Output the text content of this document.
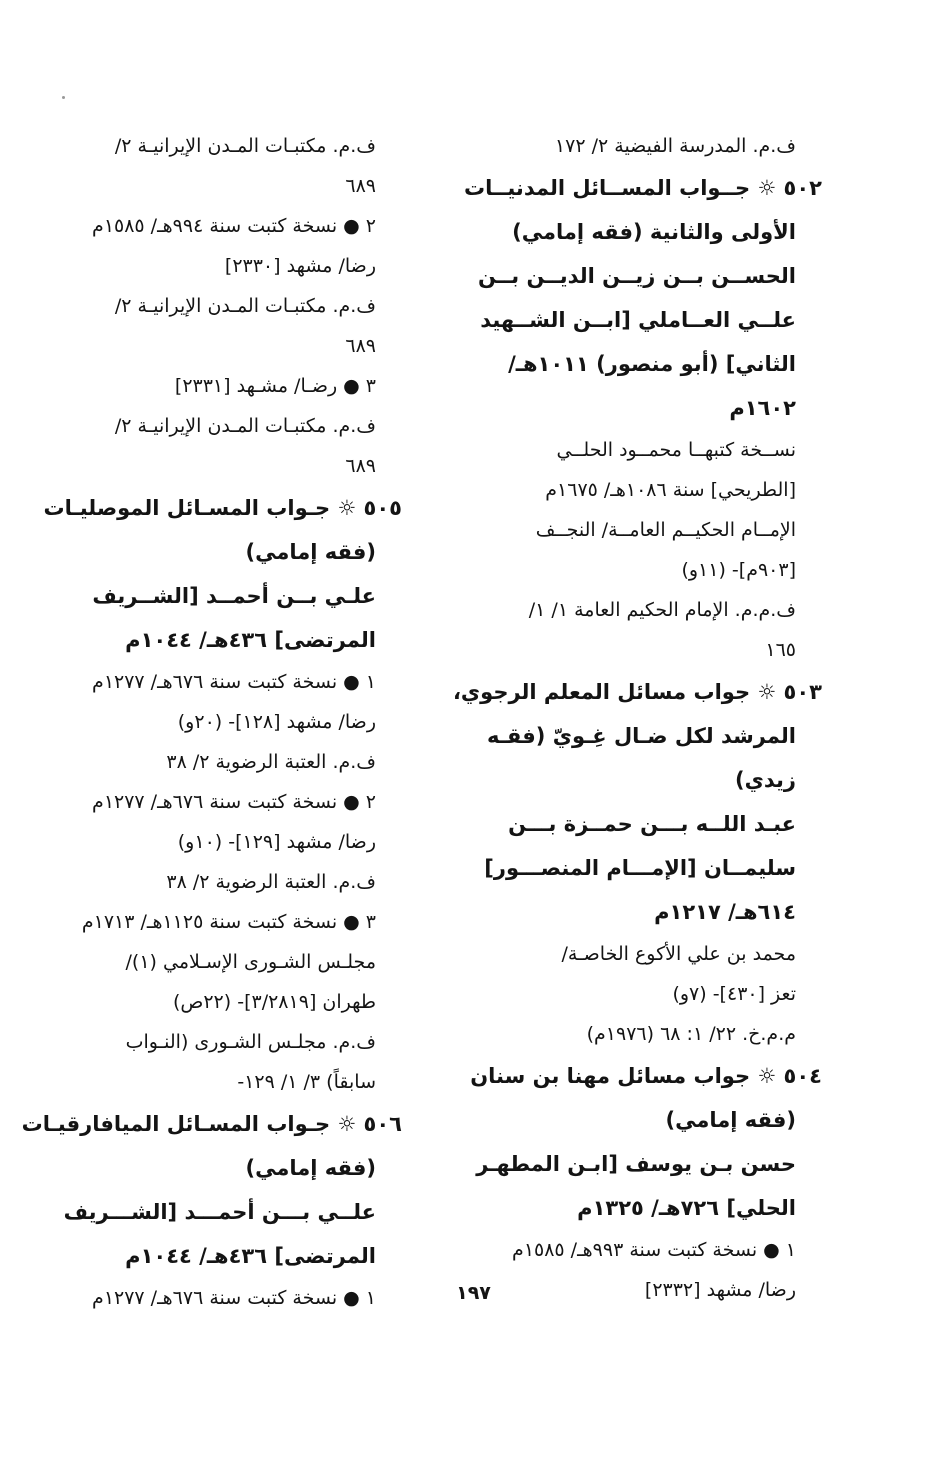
ف.م. المدرسة الفيضية ٢/ ١٧٢
٥٠٢ ☼ جــواب المســائل المدنيــات
الأولى والثانية (فقه إمامي)
الحســن بــن زيــن الديــن بــن
علــي العــاملي [ابــن الشــهيد
الثاني] (أبو منصور) ١٠١١هـ/
١٦٠٢م
نســخة كتبهــا محمــود الحلــي
[الطريحي] سنة ١٠٨٦هـ/ ١٦٧٥م
الإمــام الحكيــم العامــة/ النجــف
[٩٠٣م]- (١١و)
ف.م.م. الإمام الحكيم العامة ١/ ١/
١٦٥
٥٠٣ ☼ جواب مسائل المعلم الرجوي،
المرشد لكل ضـال غِـويّ (فقـه
زيدي)
عبـد اللــه بـــن حمــزة بـــن
سليمــان [الإمـــام المنصـــور]
٦١٤هـ/ ١٢١٧م
محمد بن علي الأكوع الخاصـة/
تعز [٤٣٠]- (٧و)
م.م.خ. ٢٢/ ١: ٦٨ (١٩٧٦م)
٥٠٤ ☼ جواب مسائل مهنا بن سنان
(فقه إمامي)
حسن بـن يوسف [ابـن المطهـر
الحلي] ٧٢٦هـ/ ١٣٢٥م
١ ● نسخة كتبت سنة ٩٩٣هـ/ ١٥٨٥م
رضا/ مشهد [٢٣٣٢]
ف.م. مكتبـات المـدن الإيرانيـة ٢/
٦٨٩
٢ ● نسخة كتبت سنة ٩٩٤هـ/ ١٥٨٥م
رضا/ مشهد [٢٣٣٠]
ف.م. مكتبـات المـدن الإيرانيـة ٢/
٦٨٩
٣ ● رضـا/ مشـهد [٢٣٣١]
ف.م. مكتبـات المـدن الإيرانيـة ٢/
٦٨٩
٥٠٥ ☼ جـواب المسـائل الموصليـات
(فقه إمامي)
علـي بــن أحمــد [الشــريف
المرتضى] ٤٣٦هـ/ ١٠٤٤م
١ ● نسخة كتبت سنة ٦٧٦هـ/ ١٢٧٧م
رضا/ مشهد [١٢٨]- (٢٠و)
ف.م. العتبة الرضوية ٢/ ٣٨
٢ ● نسخة كتبت سنة ٦٧٦هـ/ ١٢٧٧م
رضا/ مشهد [١٢٩]- (١٠و)
ف.م. العتبة الرضوية ٢/ ٣٨
٣ ● نسخة كتبت سنة ١١٢٥هـ/ ١٧١٣م
مجلـس الشـورى الإسـلامي (١)/
طهران [٣/٢٨١٩]- (٢٢ص)
ف.م. مجلـس الشـورى (النـواب
سابقاً) ٣/ ١/ ١٢٩-
٥٠٦ ☼ جـواب المسـائل الميافارقيـات
(فقه إمامي)
علــي بـــن أحمـــد [الشـــريف
المرتضى] ٤٣٦هـ/ ١٠٤٤م
١ ● نسخة كتبت سنة ٦٧٦هـ/ ١٢٧٧م	١٩٧
